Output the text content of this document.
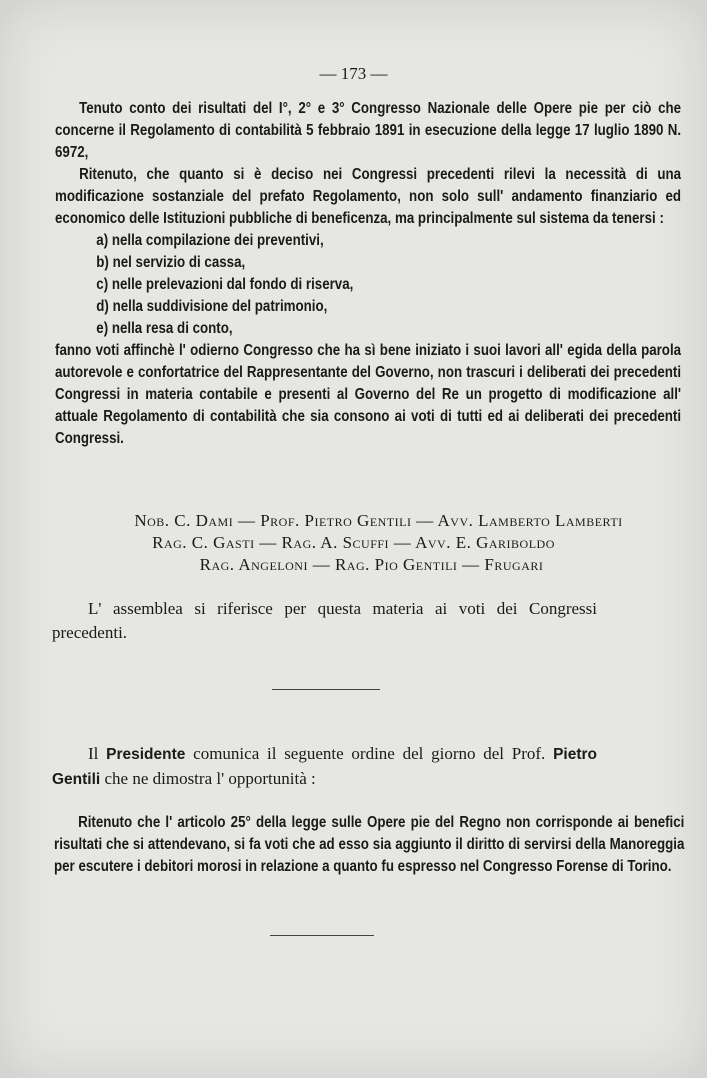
— 173 —

Tenuto conto dei risultati del I°, 2° e 3° Congresso Nazionale delle Opere pie per ciò che concerne il Regolamento di contabilità 5 febbraio 1891 in esecuzione della legge 17 luglio 1890 N. 6972,

Ritenuto, che quanto si è deciso nei Congressi precedenti rilevi la necessità di una modificazione sostanziale del prefato Regolamento, non solo sull' andamento finanziario ed economico delle Istituzioni pubbliche di beneficenza, ma principalmente sul sistema da tenersi :

a) nella compilazione dei preventivi,
b) nel servizio di cassa,
c) nelle prelevazioni dal fondo di riserva,
d) nella suddivisione del patrimonio,
e) nella resa di conto,

fanno voti affinchè l' odierno Congresso che ha sì bene iniziato i suoi lavori all' egida della parola autorevole e confortatrice del Rappresentante del Governo, non trascuri i deliberati dei precedenti Congressi in materia contabile e presenti al Governo del Re un progetto di modificazione all' attuale Regolamento di contabilità che sia consono ai voti di tutti ed ai deliberati dei precedenti Congressi.

Nob. C. Dami — Prof. Pietro Gentili — Avv. Lamberto Lamberti
Rag. C. Gasti — Rag. A. Scuffi — Avv. E. Gariboldo
Rag. Angeloni — Rag. Pio Gentili — Frugari

L' assemblea si riferisce per questa materia ai voti dei Congressi precedenti.

Il Presidente comunica il seguente ordine del giorno del Prof. Pietro Gentili che ne dimostra l' opportunità :

Ritenuto che l' articolo 25° della legge sulle Opere pie del Regno non corrisponde ai benefici risultati che si attendevano, si fa voti che ad esso sia aggiunto il diritto di servirsi della Manoreggia per escutere i debitori morosi in relazione a quanto fu espresso nel Congresso Forense di Torino.
